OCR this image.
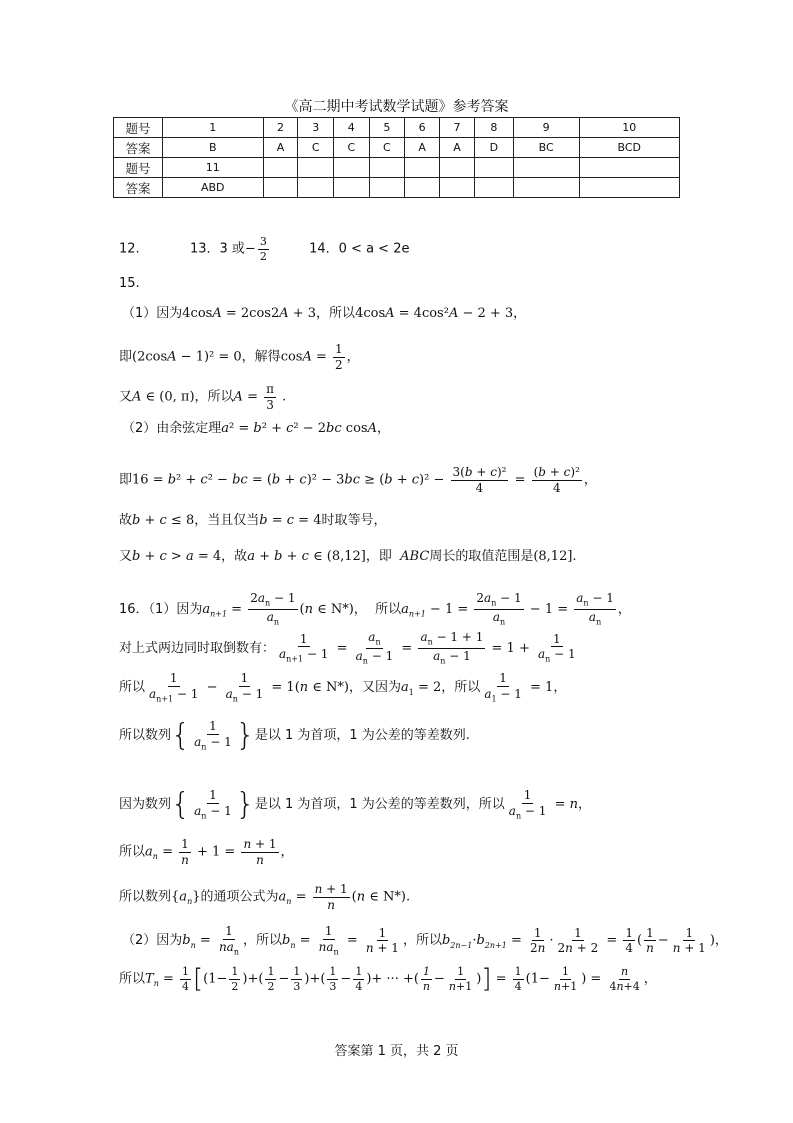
《高二期中考试数学试题》参考答案
题号	1	2	3	4	5	6	7	8	9	10
答案	B	A	C	C	C	A	A	D	BC	BCD
题号	11									
答案	ABD									
12.	13．3 或− $\frac{3}{2}$	14．0 < a < 2e
15.
（1）因为4cosA = 2cos2A + 3，所以4cosA = 4cos²A − 2 + 3，
即(2cosA − 1)² = 0，解得$\cos A = \frac{1}{2}$ ，
又A ∈ (0, π)，所以$A = \frac{\pi}{3}$ .
（2）由余弦定理a² = b² + c² − 2bc cosA，
即16 = b² + c² − bc = $(b + c)^2 - 3bc \ge (b + c)^2 - \frac{\text{3(b + c)²}}{4} = \frac{\text{(b + c)²}}{4}$ ，
故b + c ≤ 8，当且仅当b = c = 4时取等号，
又b + c > a = 4，故a + b + c ∈ (8,12]，即  ABC周长的取值范围是(8,12].
16．（1）因为$a_{n+1} = \frac{2a_n - 1}{a_n} (n$ ∈ N*)，  所以$a_{n+1} - 1 = \frac{2a_n - 1}{a_n} - 1 = \frac{a_n - 1}{a_n}$ ，
对上式两边同时取倒数有： $\frac{1}{a_{n+1} - 1} = \frac{a_n}{a_n - 1} = \frac{a_n - 1 + 1}{a_n - 1} = 1 + \frac{1}{a_n - 1}$
所以 $\frac{1}{a_{n+1} - 1} - \frac{1}{a_n - 1} = 1(n$ ∈ N*)，又因为$a_1 = 2$，所以 $\frac{1}{a_1 - 1} = 1$，
所以数列 { 1
$a_n - 1$ } 是以 1 为首项，1 为公差的等差数列.
因为数列 { 1
$a_n - 1$ } 是以 1 为首项，1 为公差的等差数列，所以 $\frac{1}{a_n - 1} = n$，
所以$a_n = \frac{1}{n} + 1 = \frac{n + 1}{n}$ ，
所以数列$\{a_n\}$的通项公式为$a_n = \frac{n + 1}{n} (n$ ∈ N*).
（2）因为$b_n$ =
1
$na_n$
，所以$b_n$ =
1
$na_n$
= $\frac{1}{n + 1}$ ，所以$b_{2n-1}\cdot b_{2n+1} = \frac{1}{2n} \cdot \frac{1}{2n + 2} = \frac{1}{4}$ ( $\frac{1}{n} - \frac{1}{n + 1}$ )，
所以$T_n = \frac{1}{4} [(1- \frac{1}{2}$ )+( $\frac{1}{2} - \frac{1}{3}$ )+( $\frac{1}{3} - \frac{1}{4}$ )+ ··· +( $\frac{1}{n} - \frac{1}{n+1}$ )] = $\frac{1}{4} (1- \frac{1}{n+1}$ ) = $\frac{n}{4n+4}$ ，
答案第 1 页，共 2 页
